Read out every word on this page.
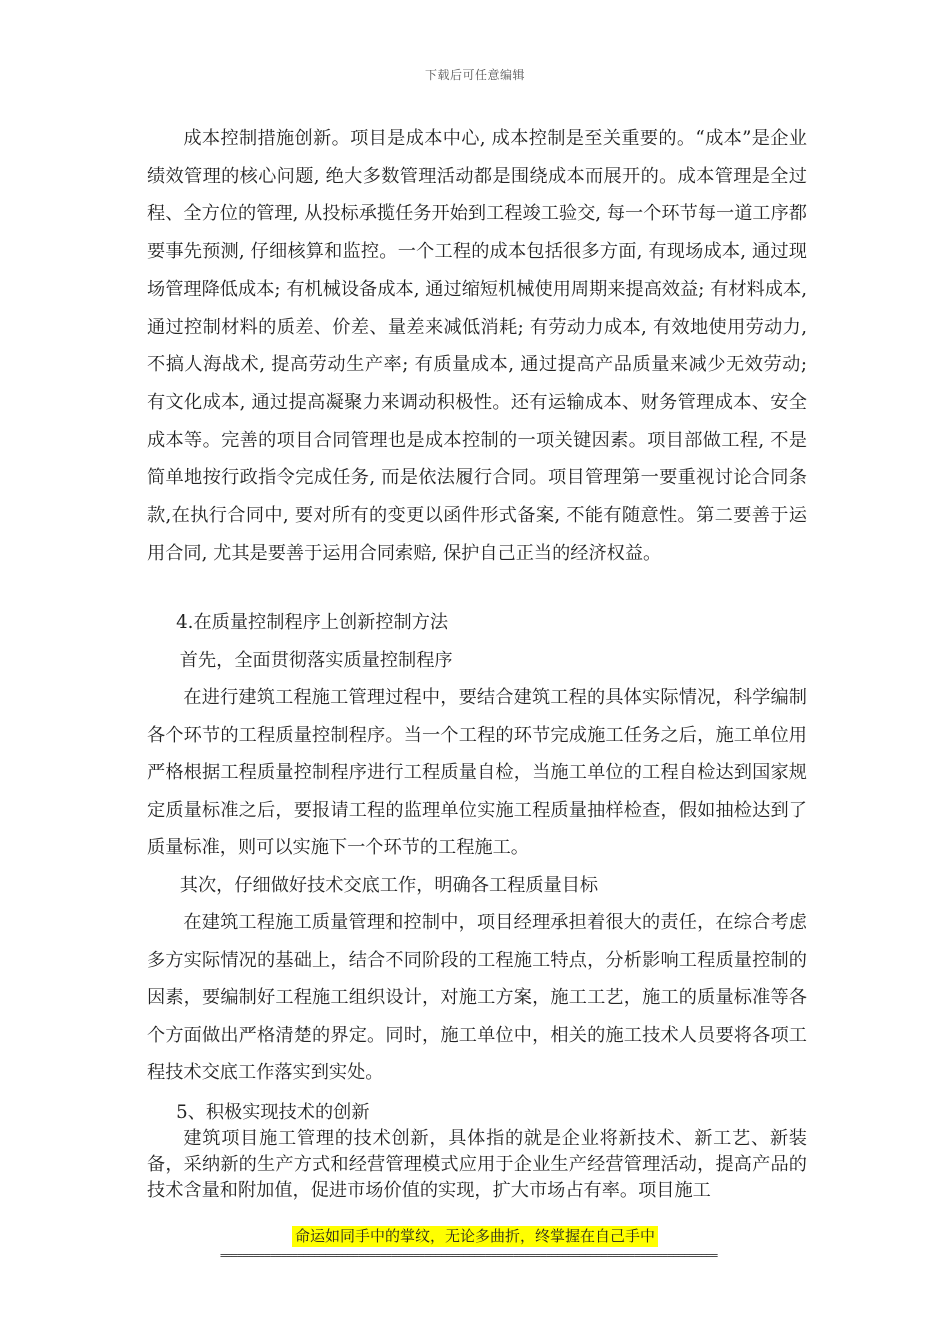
下载后可任意编辑

成本控制措施创新。项目是成本中心, 成本控制是至关重要的。“成本”是企业绩效管理的核心问题, 绝大多数管理活动都是围绕成本而展开的。成本管理是全过程、全方位的管理, 从投标承揽任务开始到工程竣工验交, 每一个环节每一道工序都要事先预测, 仔细核算和监控。一个工程的成本包括很多方面, 有现场成本, 通过现场管理降低成本; 有机械设备成本, 通过缩短机械使用周期来提高效益; 有材料成本, 通过控制材料的质差、价差、量差来减低消耗; 有劳动力成本, 有效地使用劳动力, 不搞人海战术, 提高劳动生产率; 有质量成本, 通过提高产品质量来减少无效劳动; 有文化成本, 通过提高凝聚力来调动积极性。还有运输成本、财务管理成本、安全成本等。完善的项目合同管理也是成本控制的一项关键因素。项目部做工程, 不是简单地按行政指令完成任务, 而是依法履行合同。项目管理第一要重视讨论合同条款,在执行合同中, 要对所有的变更以函件形式备案, 不能有随意性。第二要善于运用合同, 尤其是要善于运用合同索赔, 保护自己正当的经济权益。

4.在质量控制程序上创新控制方法

首先，全面贯彻落实质量控制程序

在进行建筑工程施工管理过程中，要结合建筑工程的具体实际情况，科学编制各个环节的工程质量控制程序。当一个工程的环节完成施工任务之后，施工单位用严格根据工程质量控制程序进行工程质量自检，当施工单位的工程自检达到国家规定质量标准之后，要报请工程的监理单位实施工程质量抽样检查，假如抽检达到了质量标准，则可以实施下一个环节的工程施工。

其次，仔细做好技术交底工作，明确各工程质量目标

在建筑工程施工质量管理和控制中，项目经理承担着很大的责任，在综合考虑多方实际情况的基础上，结合不同阶段的工程施工特点，分析影响工程质量控制的因素，要编制好工程施工组织设计，对施工方案，施工工艺，施工的质量标准等各个方面做出严格清楚的界定。同时，施工单位中，相关的施工技术人员要将各项工程技术交底工作落实到实处。

5、积极实现技术的创新

建筑项目施工管理的技术创新，具体指的就是企业将新技术、新工艺、新装备，采纳新的生产方式和经营管理模式应用于企业生产经营管理活动，提高产品的技术含量和附加值，促进市场价值的实现，扩大市场占有率。项目施工

命运如同手中的掌纹，无论多曲折，终掌握在自己手中
==========================================================================================
